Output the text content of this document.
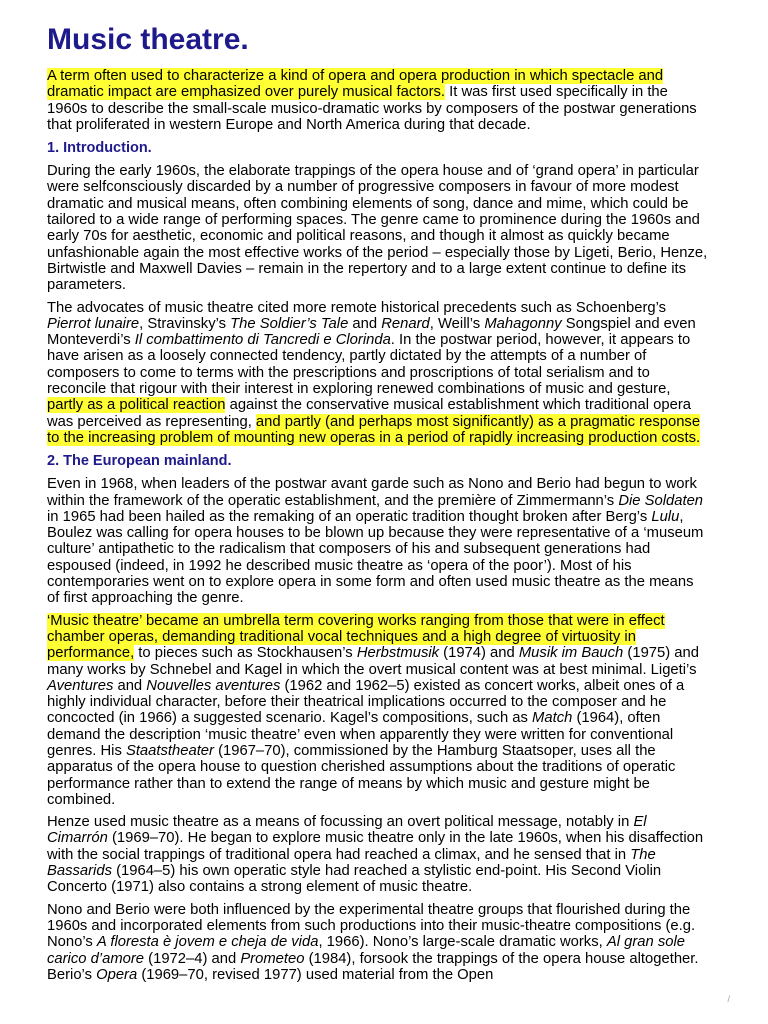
Music theatre.

A term often used to characterize a kind of opera and opera production in which spectacle and dramatic impact are emphasized over purely musical factors. It was first used specifically in the 1960s to describe the small-scale musico-dramatic works by composers of the postwar generations that proliferated in western Europe and North America during that decade.

1. Introduction.

During the early 1960s, the elaborate trappings of the opera house and of ‘grand opera’ in particular were selfconsciously discarded by a number of progressive composers in favour of more modest dramatic and musical means, often combining elements of song, dance and mime, which could be tailored to a wide range of performing spaces. The genre came to prominence during the 1960s and early 70s for aesthetic, economic and political reasons, and though it almost as quickly became unfashionable again the most effective works of the period – especially those by Ligeti, Berio, Henze, Birtwistle and Maxwell Davies – remain in the repertory and to a large extent continue to define its parameters.

The advocates of music theatre cited more remote historical precedents such as Schoenberg’s Pierrot lunaire, Stravinsky’s The Soldier’s Tale and Renard, Weill’s Mahagonny Songspiel and even Monteverdi’s Il combattimento di Tancredi e Clorinda. In the postwar period, however, it appears to have arisen as a loosely connected tendency, partly dictated by the attempts of a number of composers to come to terms with the prescriptions and proscriptions of total serialism and to reconcile that rigour with their interest in exploring renewed combinations of music and gesture, partly as a political reaction against the conservative musical establishment which traditional opera was perceived as representing, and partly (and perhaps most significantly) as a pragmatic response to the increasing problem of mounting new operas in a period of rapidly increasing production costs.

2. The European mainland.

Even in 1968, when leaders of the postwar avant garde such as Nono and Berio had begun to work within the framework of the operatic establishment, and the première of Zimmermann’s Die Soldaten in 1965 had been hailed as the remaking of an operatic tradition thought broken after Berg’s Lulu, Boulez was calling for opera houses to be blown up because they were representative of a ‘museum culture’ antipathetic to the radicalism that composers of his and subsequent generations had espoused (indeed, in 1992 he described music theatre as ‘opera of the poor’). Most of his contemporaries went on to explore opera in some form and often used music theatre as the means of first approaching the genre.

‘Music theatre’ became an umbrella term covering works ranging from those that were in effect chamber operas, demanding traditional vocal techniques and a high degree of virtuosity in performance, to pieces such as Stockhausen’s Herbstmusik (1974) and Musik im Bauch (1975) and many works by Schnebel and Kagel in which the overt musical content was at best minimal. Ligeti’s Aventures and Nouvelles aventures (1962 and 1962–5) existed as concert works, albeit ones of a highly individual character, before their theatrical implications occurred to the composer and he concocted (in 1966) a suggested scenario. Kagel’s compositions, such as Match (1964), often demand the description ‘music theatre’ even when apparently they were written for conventional genres. His Staatstheater (1967–70), commissioned by the Hamburg Staatsoper, uses all the apparatus of the opera house to question cherished assumptions about the traditions of operatic performance rather than to extend the range of means by which music and gesture might be combined.

Henze used music theatre as a means of focussing an overt political message, notably in El Cimarrón (1969–70). He began to explore music theatre only in the late 1960s, when his disaffection with the social trappings of traditional opera had reached a climax, and he sensed that in The Bassarids (1964–5) his own operatic style had reached a stylistic end-point. His Second Violin Concerto (1971) also contains a strong element of music theatre.

Nono and Berio were both influenced by the experimental theatre groups that flourished during the 1960s and incorporated elements from such productions into their music-theatre compositions (e.g. Nono’s A floresta è jovem e cheja de vida, 1966). Nono’s large-scale dramatic works, Al gran sole carico d’amore (1972–4) and Prometeo (1984), forsook the trappings of the opera house altogether. Berio’s Opera (1969–70, revised 1977) used material from the Open

/
